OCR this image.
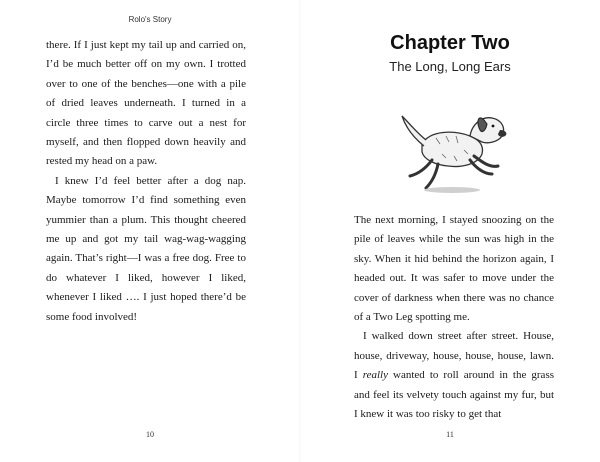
Rolo's Story

there. If I just kept my tail up and carried on, I’d be much better off on my own. I trotted over to one of the benches—one with a pile of dried leaves underneath. I turned in a circle three times to carve out a nest for myself, and then flopped down heavily and rested my head on a paw.

I knew I’d feel better after a dog nap. Maybe tomorrow I’d find something even yummier than a plum. This thought cheered me up and got my tail wag-wag-wagging again. That’s right—I was a free dog. Free to do whatever I liked, however I liked, whenever I liked …. I just hoped there’d be some food involved!

10
Chapter Two
The Long, Long Ears

The next morning, I stayed snoozing on the pile of leaves while the sun was high in the sky. When it hid behind the horizon again, I headed out. It was safer to move under the cover of darkness when there was no chance of a Two Leg spotting me.

I walked down street after street. House, house, driveway, house, house, house, lawn. I really wanted to roll around in the grass and feel its velvety touch against my fur, but I knew it was too risky to get that

11
